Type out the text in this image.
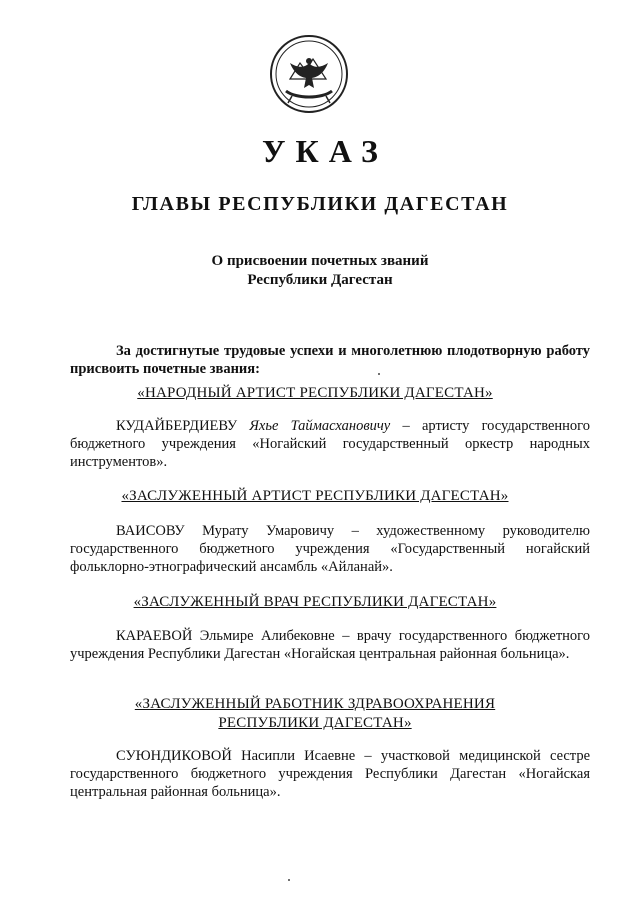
УКАЗ
ГЛАВЫ РЕСПУБЛИКИ ДАГЕСТАН
О присвоении почетных званий
Республики Дагестан
За достигнутые трудовые успехи и многолетнюю плодотворную работу присвоить почетные звания:
«НАРОДНЫЙ АРТИСТ РЕСПУБЛИКИ ДАГЕСТАН»
КУДАЙБЕРДИЕВУ Яхье Таймасхановичу – артисту государственного бюджетного учреждения «Ногайский государственный оркестр народных инструментов».
«ЗАСЛУЖЕННЫЙ АРТИСТ РЕСПУБЛИКИ ДАГЕСТАН»
ВАИСОВУ Мурату Умаровичу – художественному руководителю государственного бюджетного учреждения «Государственный ногайский фольклорно-этнографический ансамбль «Айланай».
«ЗАСЛУЖЕННЫЙ ВРАЧ РЕСПУБЛИКИ ДАГЕСТАН»
КАРАЕВОЙ Эльмире Алибековне – врачу государственного бюджетного учреждения Республики Дагестан «Ногайская центральная районная больница».
«ЗАСЛУЖЕННЫЙ РАБОТНИК ЗДРАВООХРАНЕНИЯ
РЕСПУБЛИКИ ДАГЕСТАН»
СУЮНДИКОВОЙ Насипли Исаевне – участковой медицинской сестре государственного бюджетного учреждения Республики Дагестан «Ногайская центральная районная больница».
